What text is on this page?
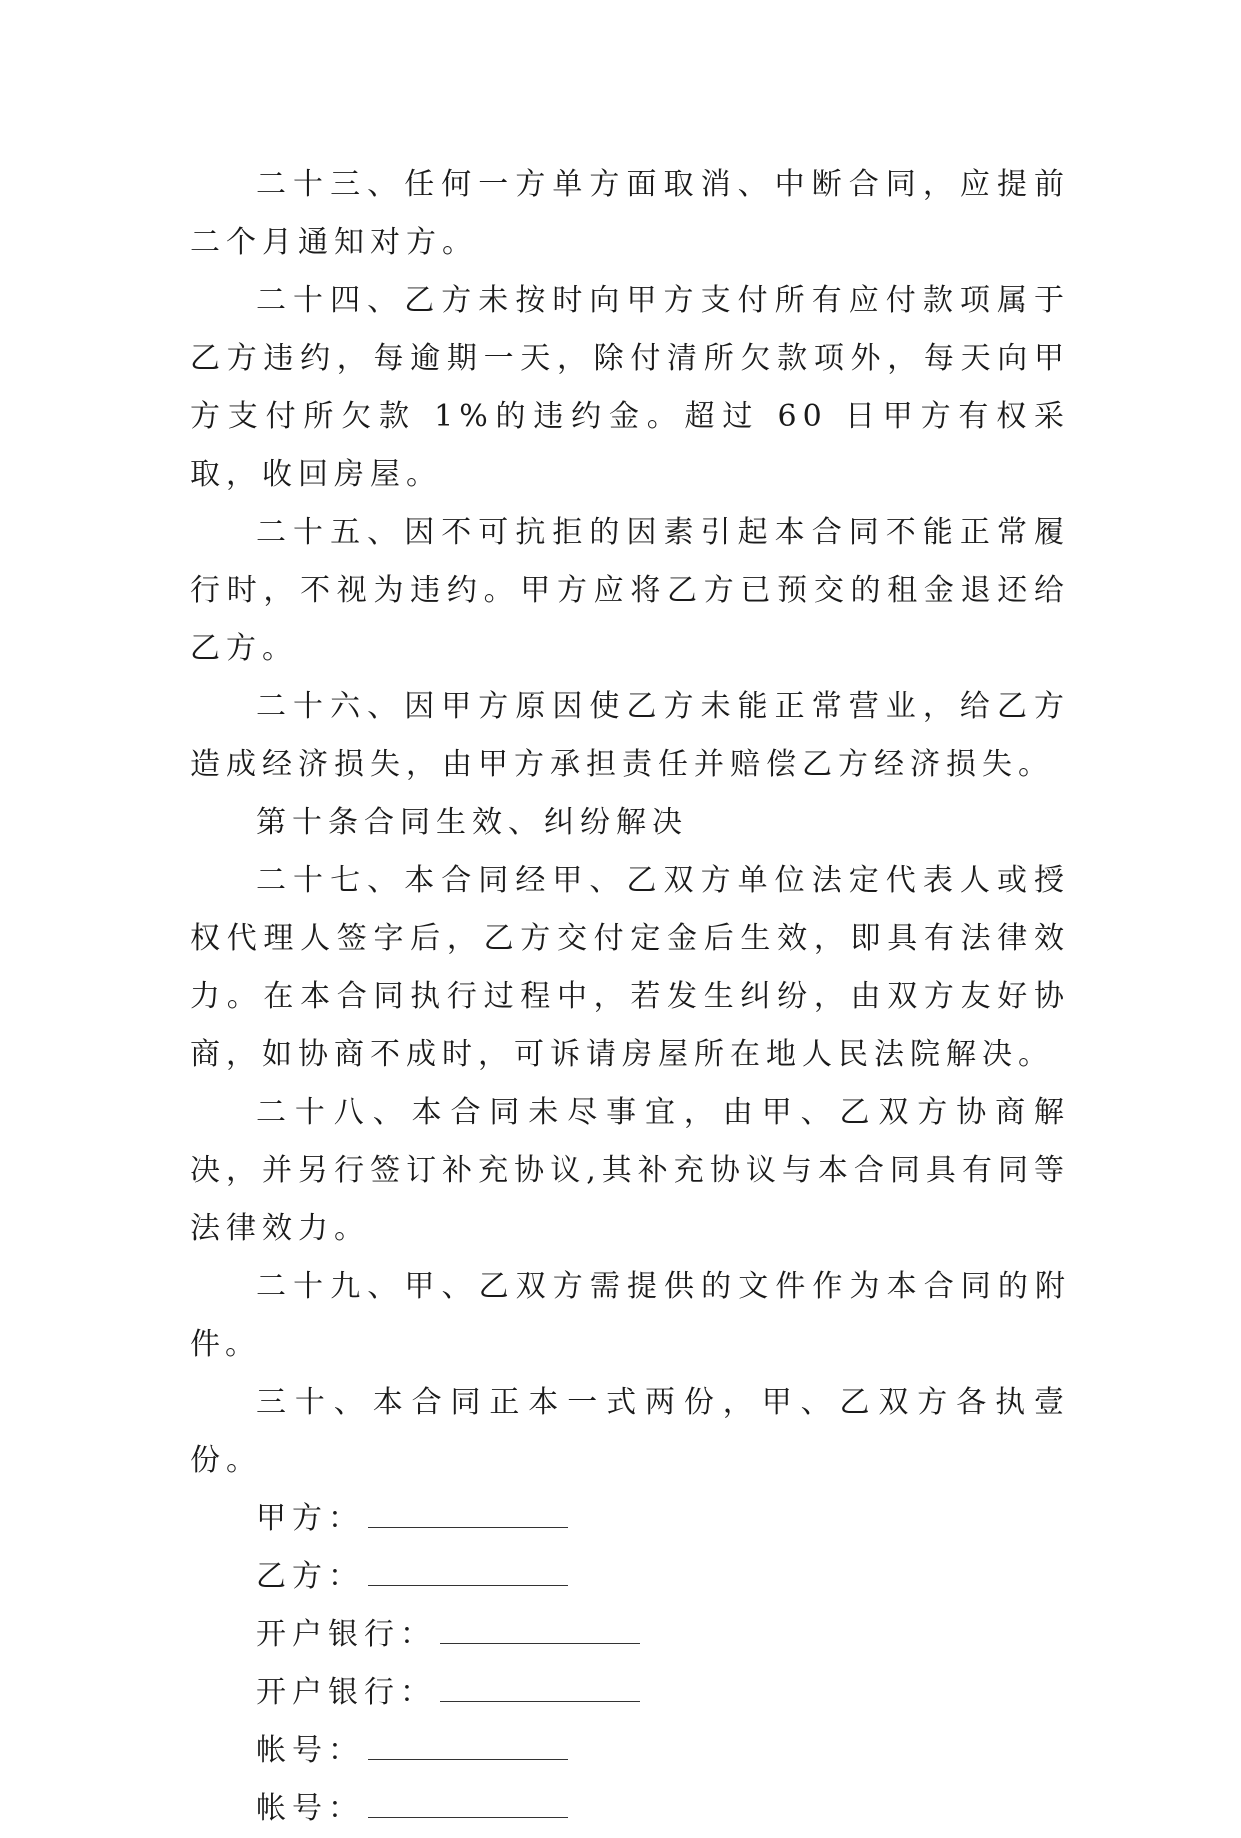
二十三、任何一方单方面取消、中断合同，应提前二个月通知对方。

二十四、乙方未按时向甲方支付所有应付款项属于乙方违约，每逾期一天，除付清所欠款项外，每天向甲方支付所欠款 1%的违约金。超过 60 日甲方有权采取，收回房屋。

二十五、因不可抗拒的因素引起本合同不能正常履行时，不视为违约。甲方应将乙方已预交的租金退还给乙方。

二十六、因甲方原因使乙方未能正常营业，给乙方造成经济损失，由甲方承担责任并赔偿乙方经济损失。

第十条合同生效、纠纷解决

二十七、本合同经甲、乙双方单位法定代表人或授权代理人签字后，乙方交付定金后生效，即具有法律效力。在本合同执行过程中，若发生纠纷，由双方友好协商，如协商不成时，可诉请房屋所在地人民法院解决。

二十八、本合同未尽事宜，由甲、乙双方协商解决，并另行签订补充协议,其补充协议与本合同具有同等法律效力。

二十九、甲、乙双方需提供的文件作为本合同的附件。

三十、本合同正本一式两份，甲、乙双方各执壹份。

甲方：
乙方：
开户银行：
开户银行：
帐号：
帐号：
